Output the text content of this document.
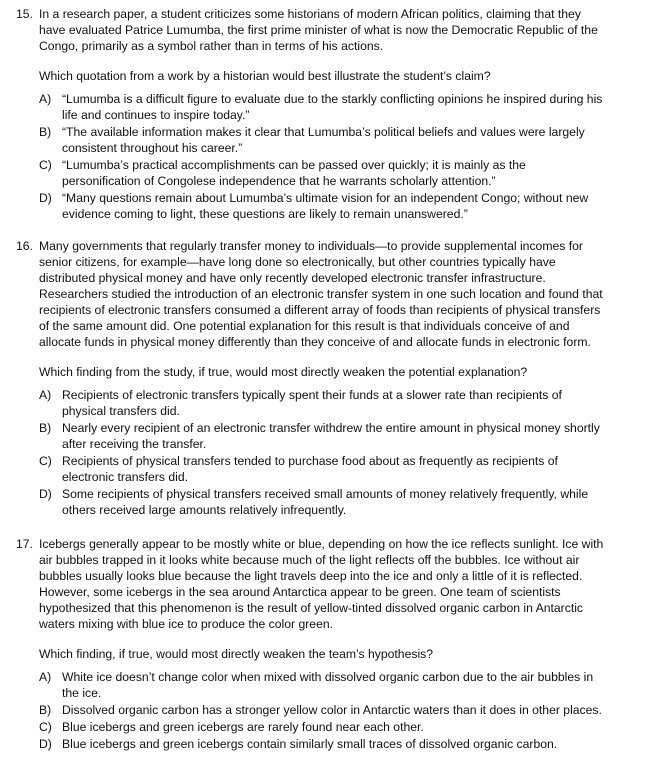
15. In a research paper, a student criticizes some historians of modern African politics, claiming that they have evaluated Patrice Lumumba, the first prime minister of what is now the Democratic Republic of the Congo, primarily as a symbol rather than in terms of his actions.
Which quotation from a work by a historian would best illustrate the student’s claim?
A) “Lumumba is a difficult figure to evaluate due to the starkly conflicting opinions he inspired during his life and continues to inspire today.”
B) “The available information makes it clear that Lumumba’s political beliefs and values were largely consistent throughout his career.”
C) “Lumumba’s practical accomplishments can be passed over quickly; it is mainly as the personification of Congolese independence that he warrants scholarly attention.”
D) “Many questions remain about Lumumba’s ultimate vision for an independent Congo; without new evidence coming to light, these questions are likely to remain unanswered.”
16. Many governments that regularly transfer money to individuals—to provide supplemental incomes for senior citizens, for example—have long done so electronically, but other countries typically have distributed physical money and have only recently developed electronic transfer infrastructure. Researchers studied the introduction of an electronic transfer system in one such location and found that recipients of electronic transfers consumed a different array of foods than recipients of physical transfers of the same amount did. One potential explanation for this result is that individuals conceive of and allocate funds in physical money differently than they conceive of and allocate funds in electronic form.
Which finding from the study, if true, would most directly weaken the potential explanation?
A) Recipients of electronic transfers typically spent their funds at a slower rate than recipients of physical transfers did.
B) Nearly every recipient of an electronic transfer withdrew the entire amount in physical money shortly after receiving the transfer.
C) Recipients of physical transfers tended to purchase food about as frequently as recipients of electronic transfers did.
D) Some recipients of physical transfers received small amounts of money relatively frequently, while others received large amounts relatively infrequently.
17. Icebergs generally appear to be mostly white or blue, depending on how the ice reflects sunlight. Ice with air bubbles trapped in it looks white because much of the light reflects off the bubbles. Ice without air bubbles usually looks blue because the light travels deep into the ice and only a little of it is reflected. However, some icebergs in the sea around Antarctica appear to be green. One team of scientists hypothesized that this phenomenon is the result of yellow-tinted dissolved organic carbon in Antarctic waters mixing with blue ice to produce the color green.
Which finding, if true, would most directly weaken the team’s hypothesis?
A) White ice doesn’t change color when mixed with dissolved organic carbon due to the air bubbles in the ice.
B) Dissolved organic carbon has a stronger yellow color in Antarctic waters than it does in other places.
C) Blue icebergs and green icebergs are rarely found near each other.
D) Blue icebergs and green icebergs contain similarly small traces of dissolved organic carbon.
